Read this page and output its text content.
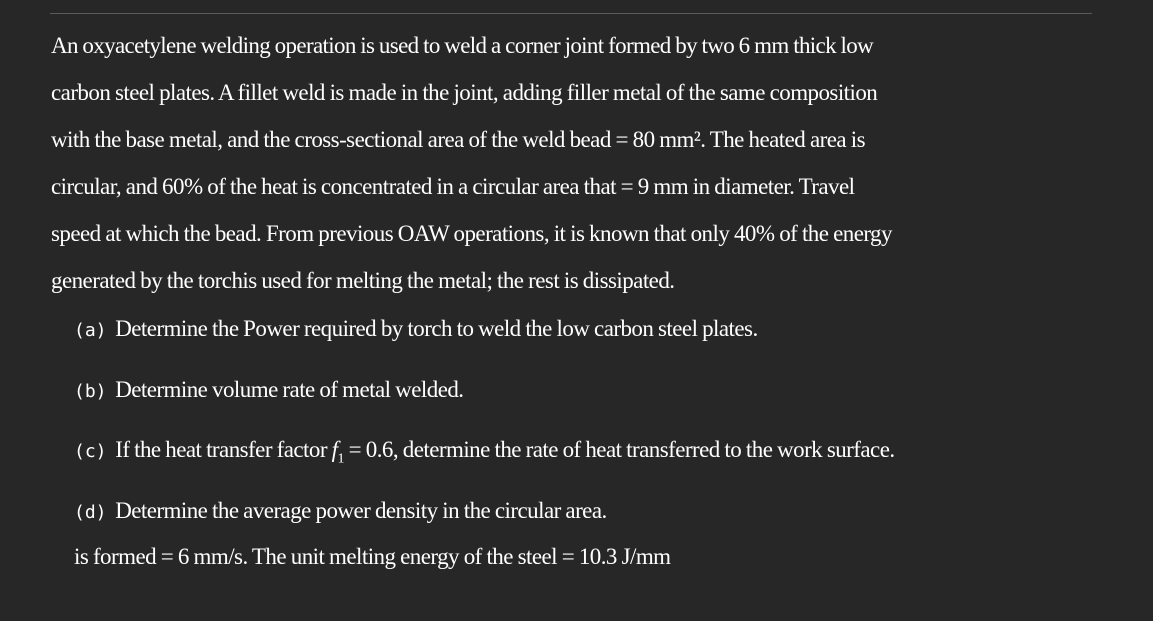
An oxyacetylene welding operation is used to weld a corner joint formed by two 6 mm thick low
carbon steel plates. A fillet weld is made in the joint, adding filler metal of the same composition
with the base metal, and the cross-sectional area of the weld bead = 80 mm². The heated area is
circular, and 60% of the heat is concentrated in a circular area that = 9 mm in diameter. Travel
speed at which the bead. From previous OAW operations, it is known that only 40% of the energy
generated by the torchis used for melting the metal; the rest is dissipated.
(a) Determine the Power required by torch to weld the low carbon steel plates.
(b) Determine volume rate of metal welded.
(c) If the heat transfer factor $f_1 = 0.6$, determine the rate of heat transferred to the work surface.
(d) Determine the average power density in the circular area.
is formed = 6 mm/s. The unit melting energy of the steel = 10.3 J/mm
